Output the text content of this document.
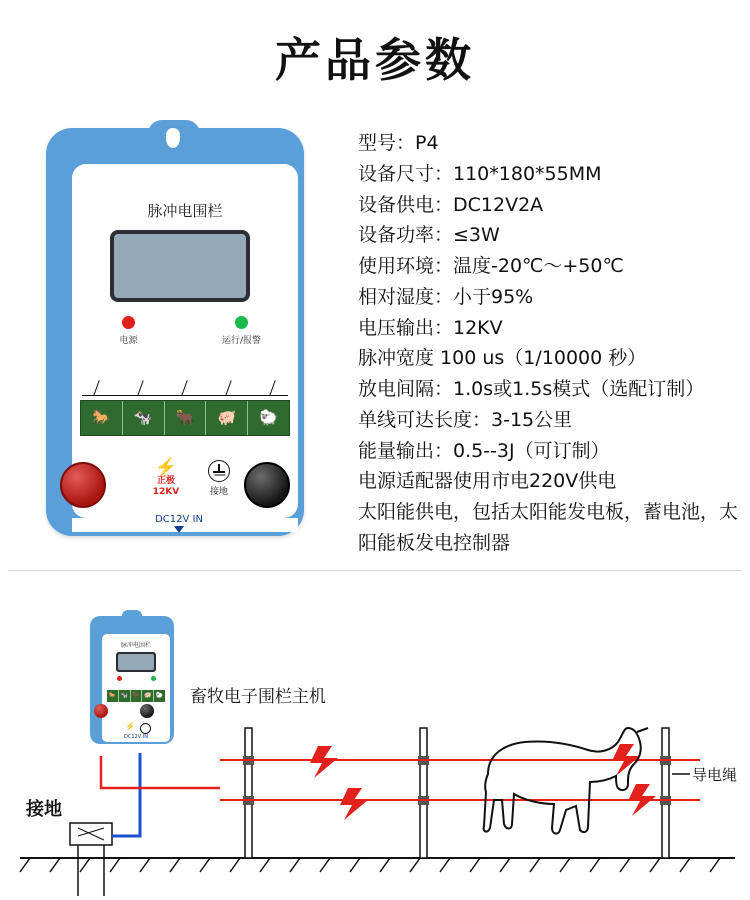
产品参数
脉冲电围栏
电源	运行/报警
🐎 🐄 🐂 🐖 🐑
⚡
正极
12KV	接地
DC12V IN
型号：P4
设备尺寸：110*180*55MM
设备供电：DC12V2A
设备功率：≤3W
使用环境：温度-20℃～+50℃
相对湿度：小于95%
电压输出：12KV
脉冲宽度 100 us（1/10000 秒）
放电间隔：1.0s或1.5s模式（选配订制）
单线可达长度：3-15公里
能量输出：0.5--3J（可订制）
电源适配器使用市电220V供电
太阳能供电，包括太阳能发电板，蓄电池，太阳能板发电控制器
脉冲电围栏
🐎 🐄 🐂 🐖 🐑
⚡
DC12V IN
畜牧电子围栏主机
接地
导电绳
